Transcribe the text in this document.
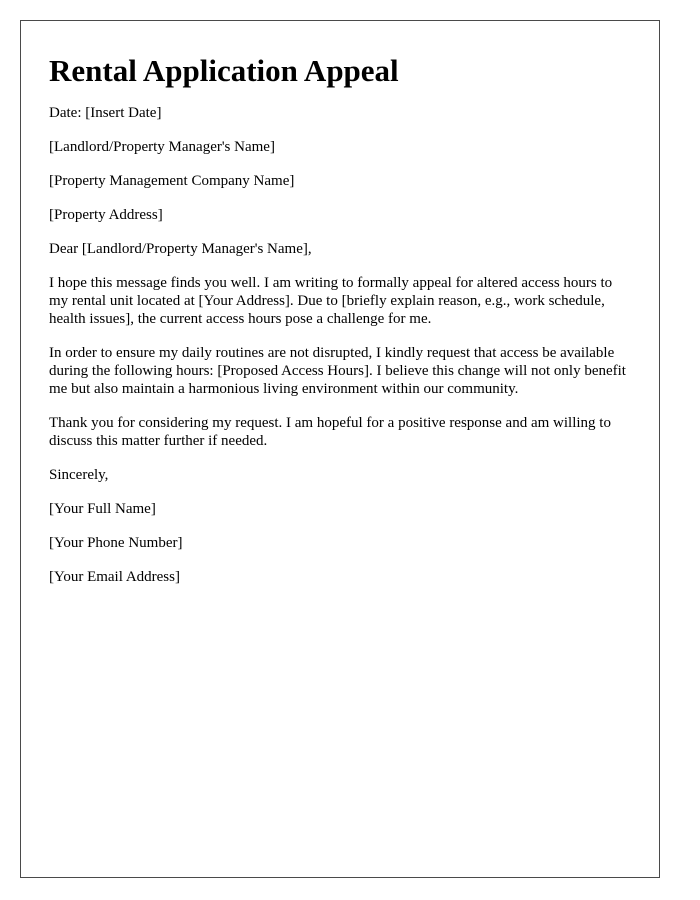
Rental Application Appeal

Date: [Insert Date]

[Landlord/Property Manager's Name]

[Property Management Company Name]

[Property Address]

Dear [Landlord/Property Manager's Name],

I hope this message finds you well. I am writing to formally appeal for altered access hours to my rental unit located at [Your Address]. Due to [briefly explain reason, e.g., work schedule, health issues], the current access hours pose a challenge for me.

In order to ensure my daily routines are not disrupted, I kindly request that access be available during the following hours: [Proposed Access Hours]. I believe this change will not only benefit me but also maintain a harmonious living environment within our community.

Thank you for considering my request. I am hopeful for a positive response and am willing to discuss this matter further if needed.

Sincerely,

[Your Full Name]

[Your Phone Number]

[Your Email Address]
